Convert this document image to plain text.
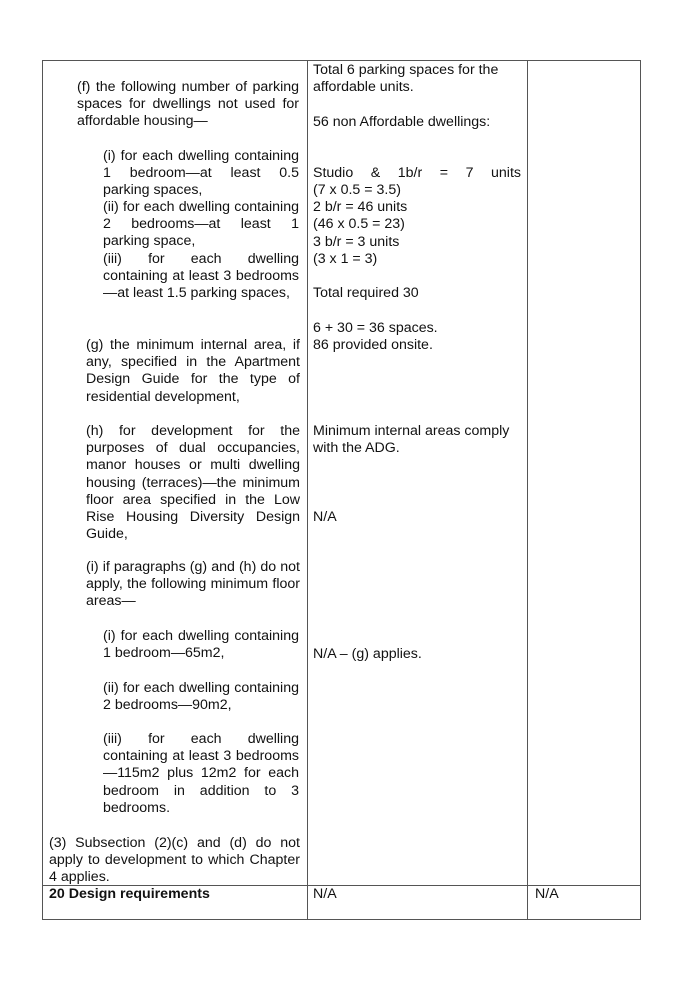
(f) the following number of parking spaces for dwellings not used for affordable housing—
(i) for each dwelling containing 1 bedroom—at least 0.5 parking spaces,
(ii) for each dwelling containing 2 bedrooms—at least 1 parking space,
(iii) for each dwelling containing at least 3 bedrooms—at least 1.5 parking spaces,
(g) the minimum internal area, if any, specified in the Apartment Design Guide for the type of residential development,
(h) for development for the purposes of dual occupancies, manor houses or multi dwelling housing (terraces)—the minimum floor area specified in the Low Rise Housing Diversity Design Guide,
(i) if paragraphs (g) and (h) do not apply, the following minimum floor areas—
(i) for each dwelling containing 1 bedroom—65m2,
(ii) for each dwelling containing 2 bedrooms—90m2,
(iii) for each dwelling containing at least 3 bedrooms—115m2 plus 12m2 for each bedroom in addition to 3 bedrooms.
(3) Subsection (2)(c) and (d) do not apply to development to which Chapter 4 applies.
Total 6 parking spaces for the affordable units.
56 non Affordable dwellings:
Studio & 1b/r = 7 units
(7 x 0.5 = 3.5)
2 b/r = 46 units
(46 x 0.5 = 23)
3 b/r = 3 units
(3 x 1 = 3)
Total required 30
6 + 30 = 36 spaces.
86 provided onsite.
Minimum internal areas comply with the ADG.
N/A
N/A – (g) applies.
20 Design requirements	N/A	N/A
